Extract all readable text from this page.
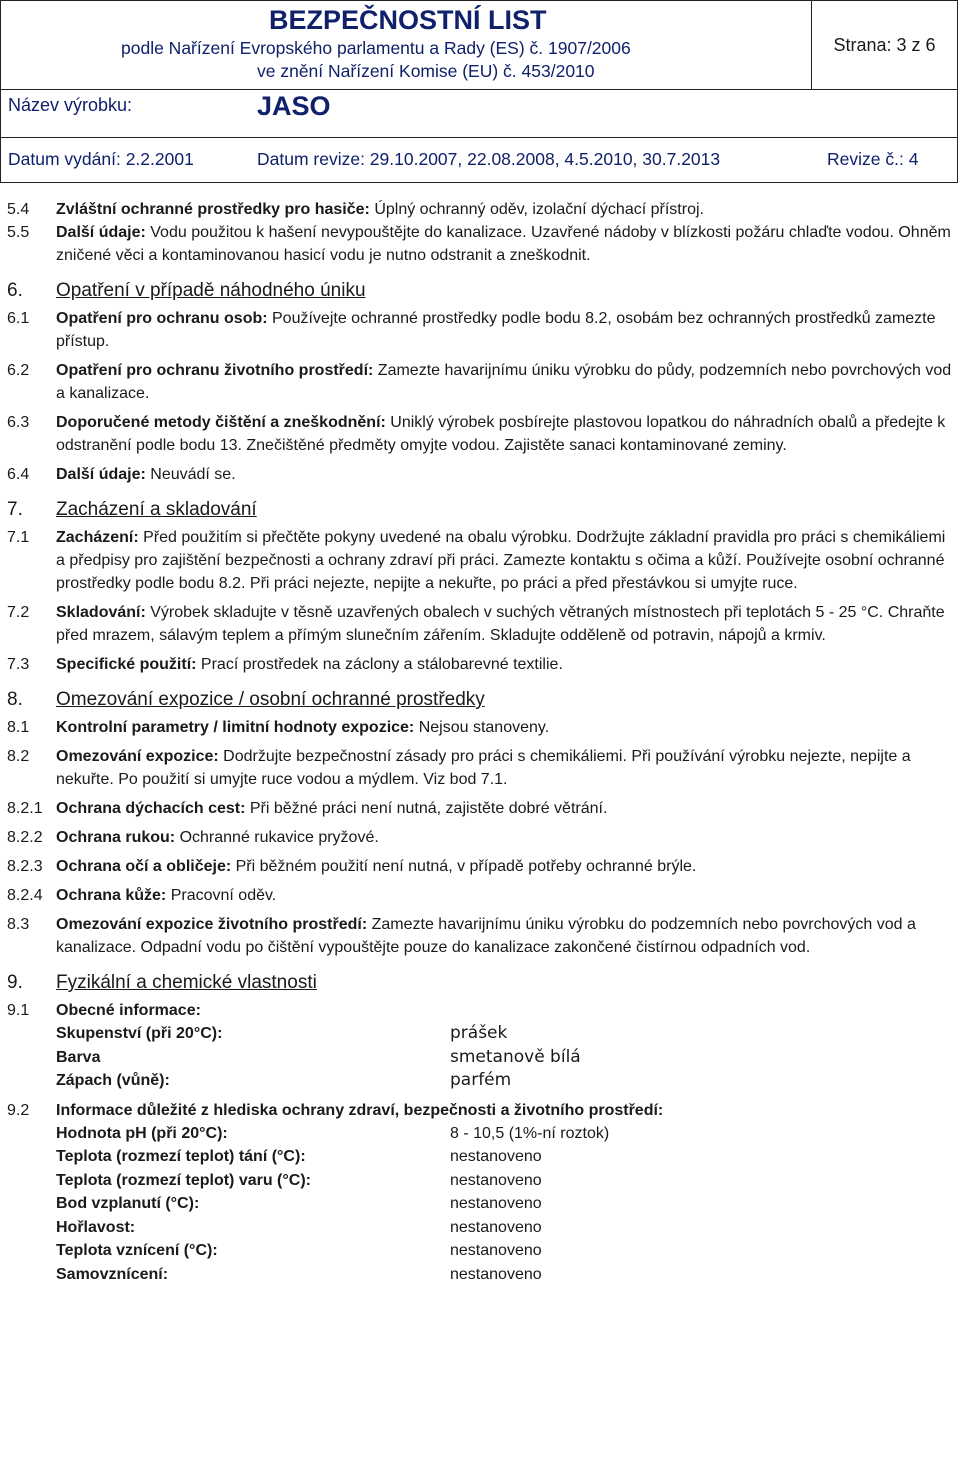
BEZPEČNOSTNÍ LIST
podle Nařízení Evropského parlamentu a Rady (ES) č. 1907/2006
ve znění Nařízení Komise (EU) č. 453/2010
Strana: 3 z 6
Název výrobku:	JASO
Datum vydání: 2.2.2001	Datum revize: 29.10.2007, 22.08.2008, 4.5.2010, 30.7.2013	Revize č.: 4
5.4	Zvláštní ochranné prostředky pro hasiče: Úplný ochranný oděv, izolační dýchací přístroj.
5.5	Další údaje: Vodu použitou k hašení nevypouštějte do kanalizace. Uzavřené nádoby v blízkosti požáru chlaďte vodou. Ohněm zničené věci a kontaminovanou hasicí vodu je nutno odstranit a zneškodnit.
6.	Opatření v případě náhodného úniku
6.1	Opatření pro ochranu osob: Používejte ochranné prostředky podle bodu 8.2, osobám bez ochranných prostředků zamezte přístup.
6.2	Opatření pro ochranu životního prostředí: Zamezte havarijnímu úniku výrobku do půdy, podzemních nebo povrchových vod a kanalizace.
6.3	Doporučené metody čištění a zneškodnění: Uniklý výrobek posbírejte plastovou lopatkou do náhradních obalů a předejte k odstranění podle bodu 13. Znečištěné předměty omyjte vodou. Zajistěte sanaci kontaminované zeminy.
6.4	Další údaje: Neuvádí se.
7.	Zacházení a skladování
7.1	Zacházení: Před použitím si přečtěte pokyny uvedené na obalu výrobku. Dodržujte základní pravidla pro práci s chemikáliemi a předpisy pro zajištění bezpečnosti a ochrany zdraví při práci. Zamezte kontaktu s očima a kůží. Používejte osobní ochranné prostředky podle bodu 8.2. Při práci nejezte, nepijte a nekuřte, po práci a před přestávkou si umyjte ruce.
7.2	Skladování: Výrobek skladujte v těsně uzavřených obalech v suchých větraných místnostech při teplotách 5 - 25 °C. Chraňte před mrazem, sálavým teplem a přímým slunečním zářením. Skladujte odděleně od potravin, nápojů a krmiv.
7.3	Specifické použití: Prací prostředek na záclony a stálobarevné textilie.
8.	Omezování expozice / osobní ochranné prostředky
8.1	Kontrolní parametry / limitní hodnoty expozice: Nejsou stanoveny.
8.2	Omezování expozice: Dodržujte bezpečnostní zásady pro práci s chemikáliemi. Při používání výrobku nejezte, nepijte a nekuřte. Po použití si umyjte ruce vodou a mýdlem. Viz bod 7.1.
8.2.1 Ochrana dýchacích cest: Při běžné práci není nutná, zajistěte dobré větrání.
8.2.2 Ochrana rukou: Ochranné rukavice pryžové.
8.2.3 Ochrana očí a obličeje: Při běžném použití není nutná, v případě potřeby ochranné brýle.
8.2.4 Ochrana kůže: Pracovní oděv.
8.3	Omezování expozice životního prostředí: Zamezte havarijnímu úniku výrobku do podzemních nebo povrchových vod a kanalizace. Odpadní vodu po čištění vypouštějte pouze do kanalizace zakončené čistírnou odpadních vod.
9.	Fyzikální a chemické vlastnosti
9.1	Obecné informace:
Skupenství (při 20°C):	prášek
Barva	smetanově bílá
Zápach (vůně):	parfém
9.2	Informace důležité z hlediska ochrany zdraví, bezpečnosti a životního prostředí:
Hodnota pH (při 20°C):	8 - 10,5 (1%-ní roztok)
Teplota (rozmezí teplot) tání (°C):	nestanoveno
Teplota (rozmezí teplot) varu (°C):	nestanoveno
Bod vzplanutí (°C):	nestanoveno
Hořlavost:	nestanoveno
Teplota vznícení (°C):	nestanoveno
Samovznícení:	nestanoveno
